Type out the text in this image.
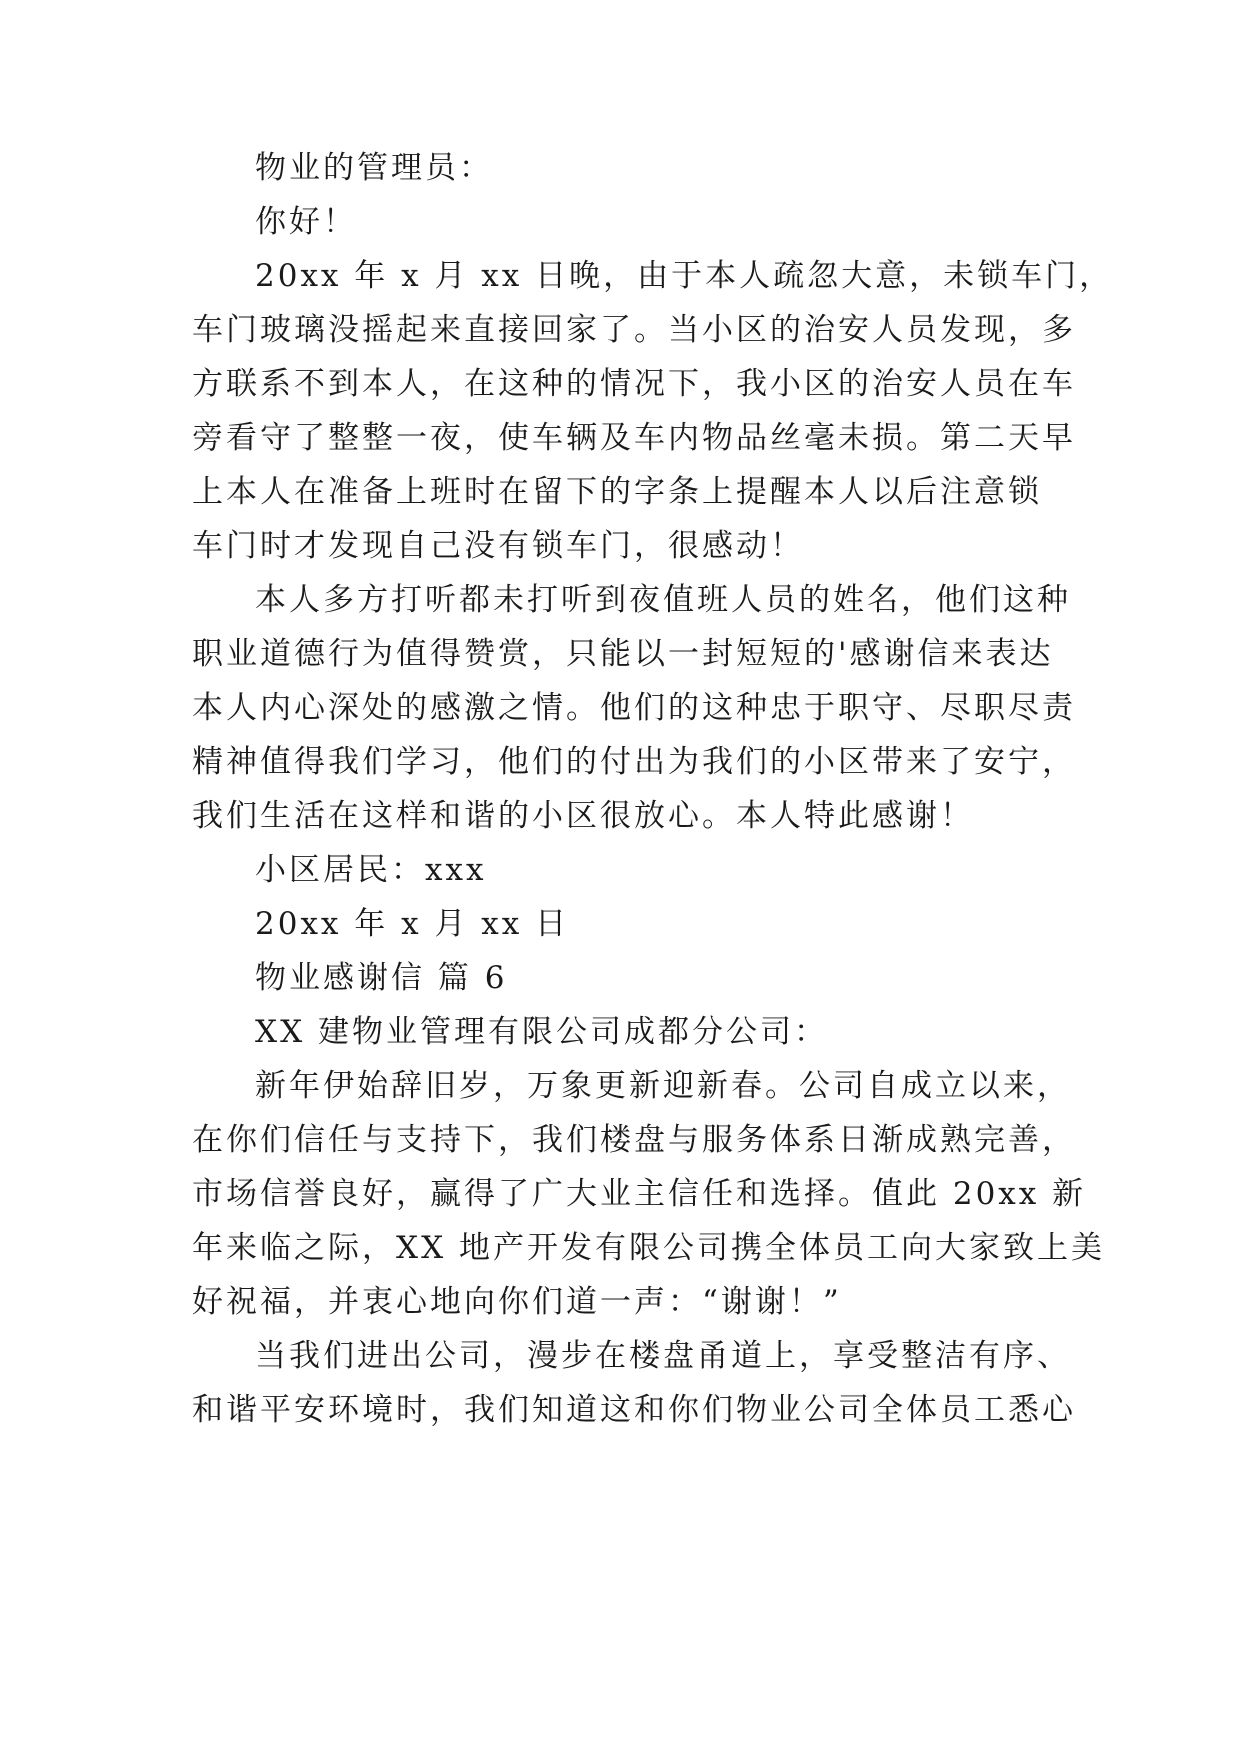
物业的管理员：
你好！
20xx 年 x 月 xx 日晚，由于本人疏忽大意，未锁车门，
车门玻璃没摇起来直接回家了。当小区的治安人员发现，多
方联系不到本人，在这种的情况下，我小区的治安人员在车
旁看守了整整一夜，使车辆及车内物品丝毫未损。第二天早
上本人在准备上班时在留下的字条上提醒本人以后注意锁
车门时才发现自己没有锁车门，很感动！
本人多方打听都未打听到夜值班人员的姓名，他们这种
职业道德行为值得赞赏，只能以一封短短的'感谢信来表达
本人内心深处的感激之情。他们的这种忠于职守、尽职尽责
精神值得我们学习，他们的付出为我们的小区带来了安宁，
我们生活在这样和谐的小区很放心。本人特此感谢！
小区居民：xxx
20xx 年 x 月 xx 日
物业感谢信 篇 6
XX 建物业管理有限公司成都分公司：
新年伊始辞旧岁，万象更新迎新春。公司自成立以来，
在你们信任与支持下，我们楼盘与服务体系日渐成熟完善，
市场信誉良好，赢得了广大业主信任和选择。值此 20xx 新
年来临之际，XX 地产开发有限公司携全体员工向大家致上美
好祝福，并衷心地向你们道一声：“谢谢！”
当我们进出公司，漫步在楼盘甬道上，享受整洁有序、
和谐平安环境时，我们知道这和你们物业公司全体员工悉心
